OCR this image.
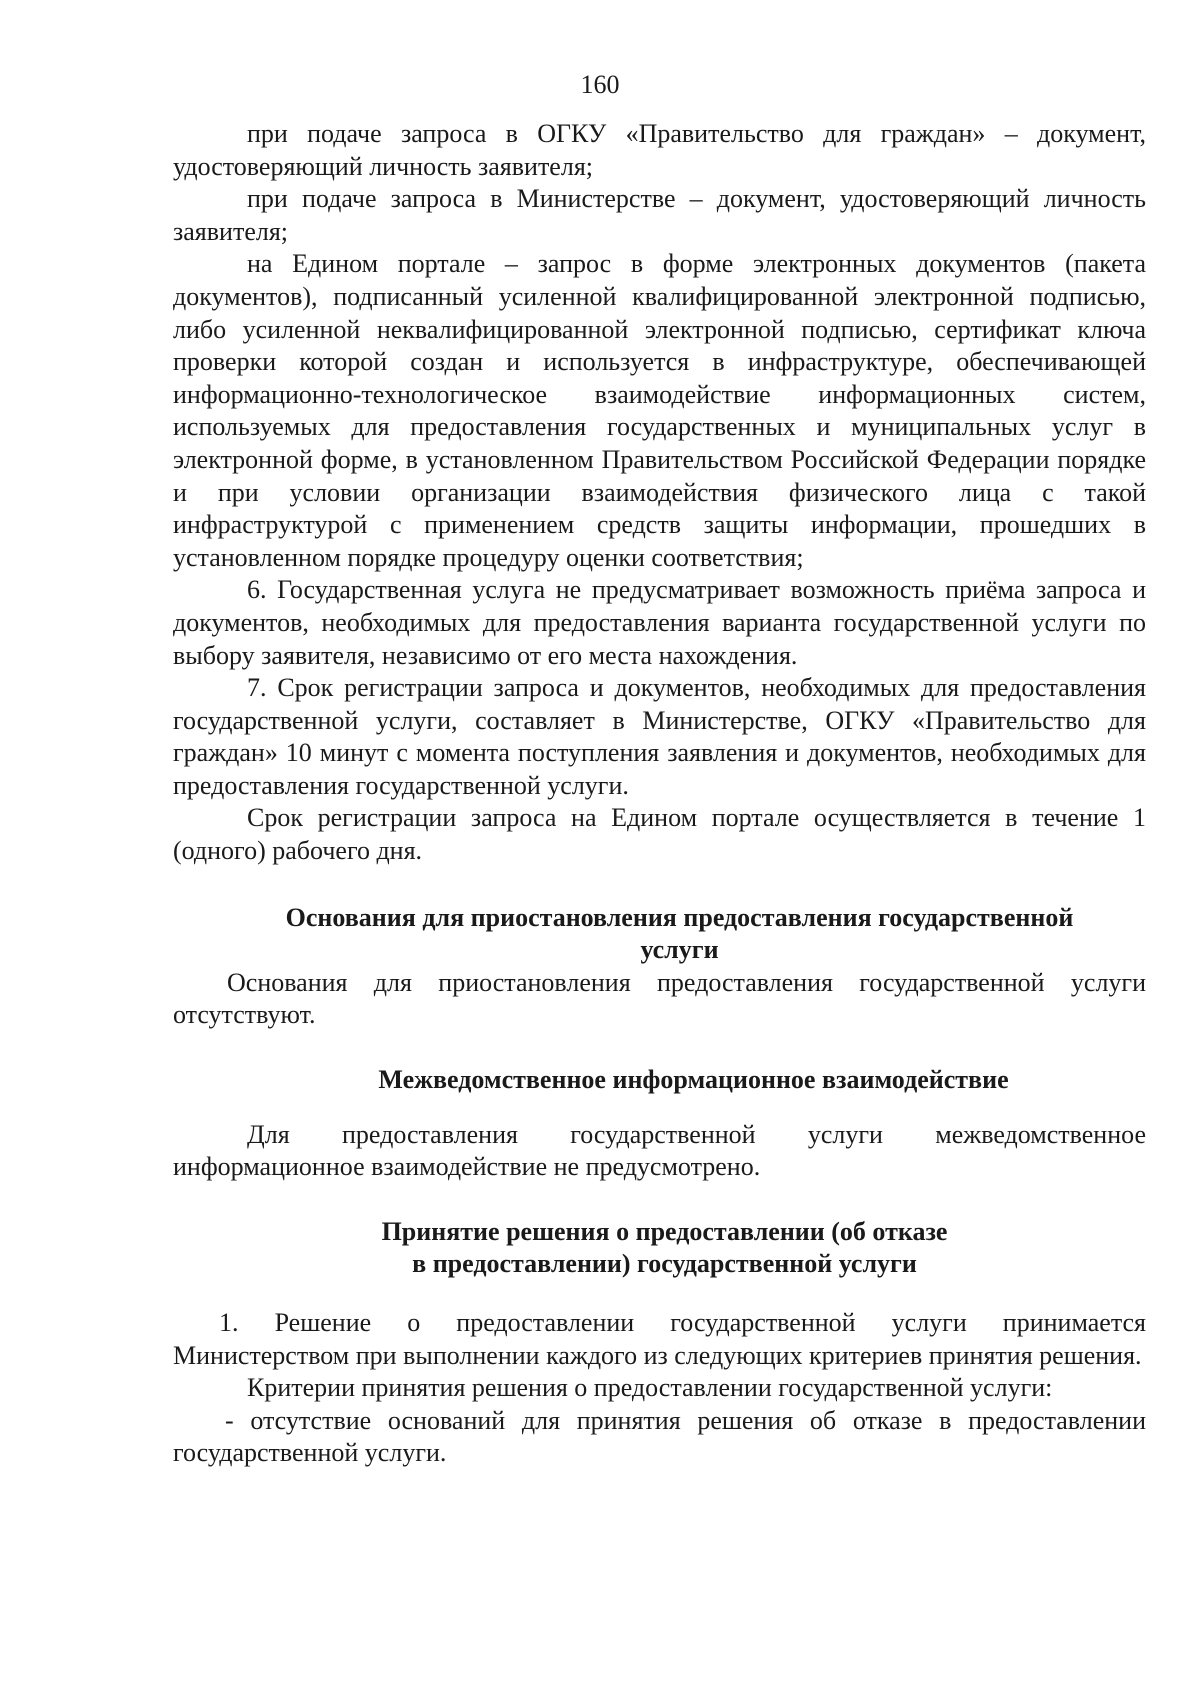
160

при подаче запроса в ОГКУ «Правительство для граждан» – документ, удостоверяющий личность заявителя;

при подаче запроса в Министерстве – документ, удостоверяющий личность заявителя;

на Едином портале – запрос в форме электронных документов (пакета документов), подписанный усиленной квалифицированной электронной подписью, либо усиленной неквалифицированной электронной подписью, сертификат ключа проверки которой создан и используется в инфраструктуре, обеспечивающей информационно-технологическое взаимодействие информационных систем, используемых для предоставления государственных и муниципальных услуг в электронной форме, в установленном Правительством Российской Федерации порядке и при условии организации взаимодействия физического лица с такой инфраструктурой с применением средств защиты информации, прошедших в установленном порядке процедуру оценки соответствия;

6. Государственная услуга не предусматривает возможность приёма запроса и документов, необходимых для предоставления варианта государственной услуги по выбору заявителя, независимо от его места нахождения.

7. Срок регистрации запроса и документов, необходимых для предоставления государственной услуги, составляет в Министерстве, ОГКУ «Правительство для граждан» 10 минут с момента поступления заявления и документов, необходимых для предоставления государственной услуги.

Срок регистрации запроса на Едином портале осуществляется в течение 1 (одного) рабочего дня.

Основания для приостановления предоставления государственной
услуги

Основания для приостановления предоставления государственной услуги отсутствуют.

Межведомственное информационное взаимодействие

Для предоставления государственной услуги межведомственное информационное взаимодействие не предусмотрено.

Принятие решения о предоставлении (об отказе
в предоставлении) государственной услуги

1. Решение о предоставлении государственной услуги принимается Министерством при выполнении каждого из следующих критериев принятия решения.

Критерии принятия решения о предоставлении государственной услуги:

- отсутствие оснований для принятия решения об отказе в предоставлении государственной услуги.
